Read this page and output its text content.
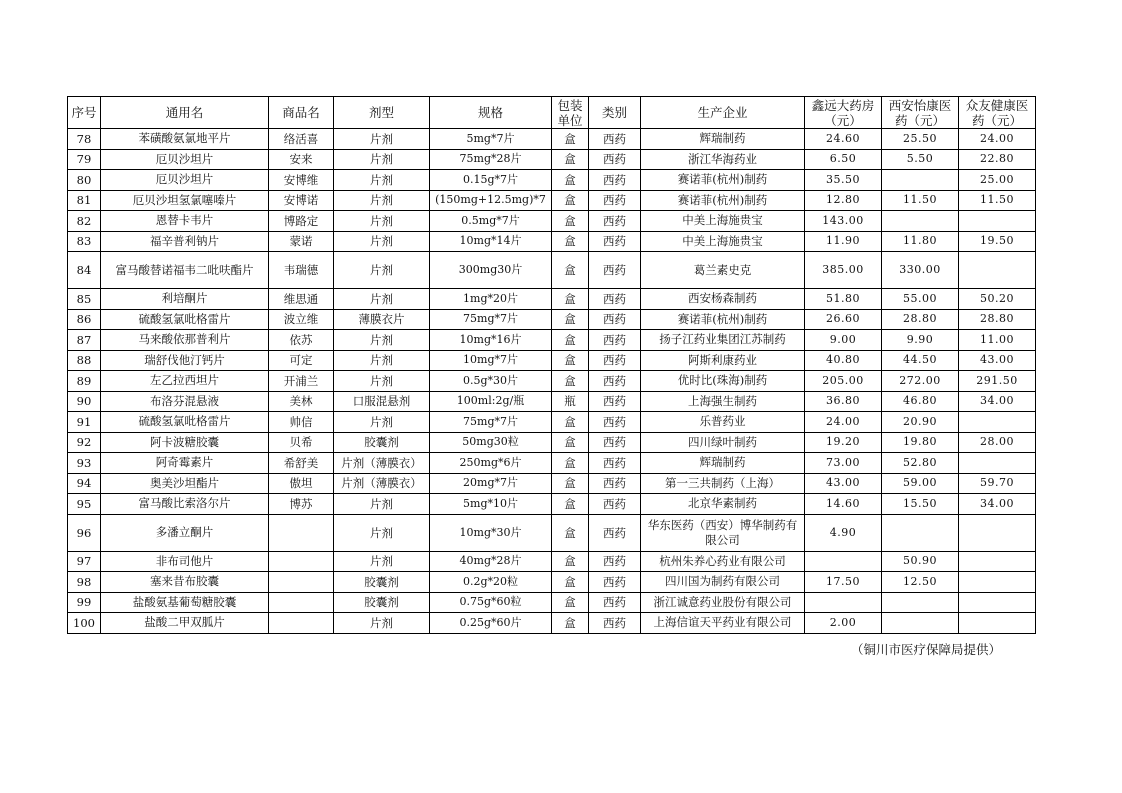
序号	通用名	商品名	剂型	规格	包装单位	类别	生产企业	鑫远大药房（元）	西安怡康医药（元）	众友健康医药（元）
78	苯磺酸氨氯地平片	络活喜	片剂	5mg*7片	盒	西药	辉瑞制药	24.60	25.50	24.00
79	厄贝沙坦片	安来	片剂	75mg*28片	盒	西药	浙江华海药业	6.50	5.50	22.80
80	厄贝沙坦片	安博维	片剂	0.15g*7片	盒	西药	赛诺菲(杭州)制药	35.50		25.00
81	厄贝沙坦氢氯噻嗪片	安博诺	片剂	(150mg+12.5mg)*7	盒	西药	赛诺菲(杭州)制药	12.80	11.50	11.50
82	恩替卡韦片	博路定	片剂	0.5mg*7片	盒	西药	中美上海施贵宝	143.00		
83	福辛普利钠片	蒙诺	片剂	10mg*14片	盒	西药	中美上海施贵宝	11.90	11.80	19.50
84	富马酸替诺福韦二吡呋酯片	韦瑞德	片剂	300mg30片	盒	西药	葛兰素史克	385.00	330.00	
85	利培酮片	维思通	片剂	1mg*20片	盒	西药	西安杨森制药	51.80	55.00	50.20
86	硫酸氢氯吡格雷片	波立维	薄膜衣片	75mg*7片	盒	西药	赛诺菲(杭州)制药	26.60	28.80	28.80
87	马来酸依那普利片	依苏	片剂	10mg*16片	盒	西药	扬子江药业集团江苏制药	9.00	9.90	11.00
88	瑞舒伐他汀钙片	可定	片剂	10mg*7片	盒	西药	阿斯利康药业	40.80	44.50	43.00
89	左乙拉西坦片	开浦兰	片剂	0.5g*30片	盒	西药	优时比(珠海)制药	205.00	272.00	291.50
90	布洛芬混悬液	美林	口服混悬剂	100ml:2g/瓶	瓶	西药	上海强生制药	36.80	46.80	34.00
91	硫酸氢氯吡格雷片	帅信	片剂	75mg*7片	盒	西药	乐普药业	24.00	20.90	
92	阿卡波糖胶囊	贝希	胶囊剂	50mg30粒	盒	西药	四川绿叶制药	19.20	19.80	28.00
93	阿奇霉素片	希舒美	片剂（薄膜衣）	250mg*6片	盒	西药	辉瑞制药	73.00	52.80	
94	奥美沙坦酯片	傲坦	片剂（薄膜衣）	20mg*7片	盒	西药	第一三共制药（上海）	43.00	59.00	59.70
95	富马酸比索洛尔片	博苏	片剂	5mg*10片	盒	西药	北京华素制药	14.60	15.50	34.00
96	多潘立酮片		片剂	10mg*30片	盒	西药	华东医药（西安）博华制药有限公司	4.90		
97	非布司他片		片剂	40mg*28片	盒	西药	杭州朱养心药业有限公司		50.90	
98	塞来昔布胶囊		胶囊剂	0.2g*20粒	盒	西药	四川国为制药有限公司	17.50	12.50	
99	盐酸氨基葡萄糖胶囊		胶囊剂	0.75g*60粒	盒	西药	浙江诚意药业股份有限公司			
100	盐酸二甲双胍片		片剂	0.25g*60片	盒	西药	上海信谊天平药业有限公司	2.00		
（铜川市医疗保障局提供）
